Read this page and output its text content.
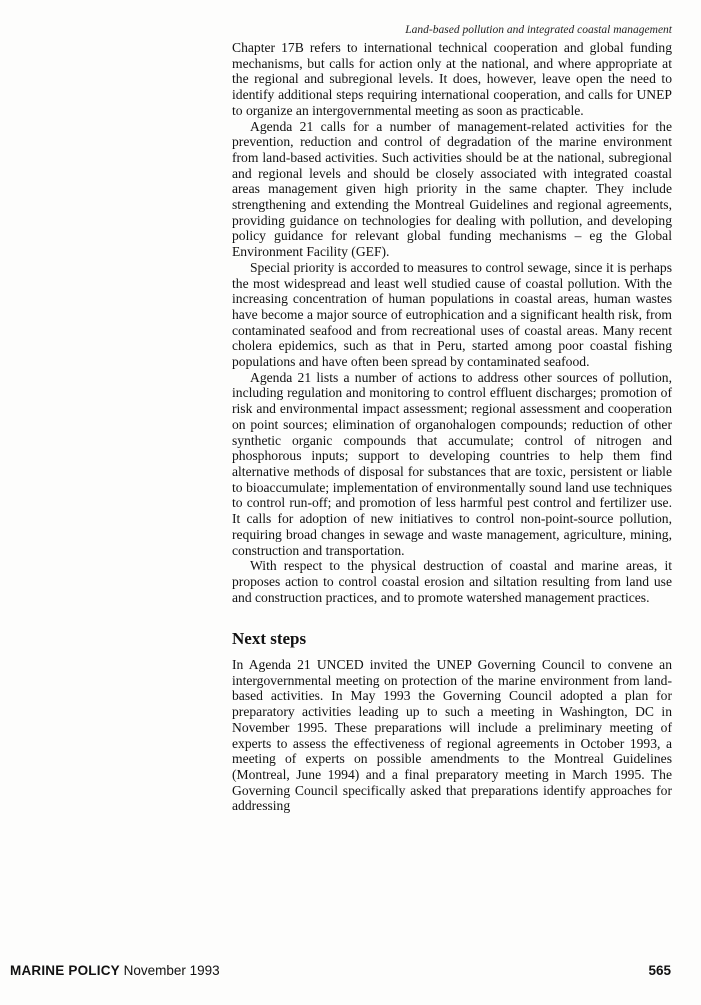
Land-based pollution and integrated coastal management

Chapter 17B refers to international technical cooperation and global funding mechanisms, but calls for action only at the national, and where appropriate at the regional and subregional levels. It does, however, leave open the need to identify additional steps requiring international cooperation, and calls for UNEP to organize an intergovernmental meeting as soon as practicable.

Agenda 21 calls for a number of management-related activities for the prevention, reduction and control of degradation of the marine environment from land-based activities. Such activities should be at the national, subregional and regional levels and should be closely associated with integrated coastal areas management given high priority in the same chapter. They include strengthening and extending the Montreal Guidelines and regional agreements, providing guidance on technologies for dealing with pollution, and developing policy guidance for relevant global funding mechanisms – eg the Global Environment Facility (GEF).

Special priority is accorded to measures to control sewage, since it is perhaps the most widespread and least well studied cause of coastal pollution. With the increasing concentration of human populations in coastal areas, human wastes have become a major source of eutrophication and a significant health risk, from contaminated seafood and from recreational uses of coastal areas. Many recent cholera epidemics, such as that in Peru, started among poor coastal fishing populations and have often been spread by contaminated seafood.

Agenda 21 lists a number of actions to address other sources of pollution, including regulation and monitoring to control effluent discharges; promotion of risk and environmental impact assessment; regional assessment and cooperation on point sources; elimination of organohalogen compounds; reduction of other synthetic organic compounds that accumulate; control of nitrogen and phosphorous inputs; support to developing countries to help them find alternative methods of disposal for substances that are toxic, persistent or liable to bioaccumulate; implementation of environmentally sound land use techniques to control run-off; and promotion of less harmful pest control and fertilizer use. It calls for adoption of new initiatives to control non-point-source pollution, requiring broad changes in sewage and waste management, agriculture, mining, construction and transportation.

With respect to the physical destruction of coastal and marine areas, it proposes action to control coastal erosion and siltation resulting from land use and construction practices, and to promote watershed management practices.

Next steps

In Agenda 21 UNCED invited the UNEP Governing Council to convene an intergovernmental meeting on protection of the marine environment from land-based activities. In May 1993 the Governing Council adopted a plan for preparatory activities leading up to such a meeting in Washington, DC in November 1995. These preparations will include a preliminary meeting of experts to assess the effectiveness of regional agreements in October 1993, a meeting of experts on possible amendments to the Montreal Guidelines (Montreal, June 1994) and a final preparatory meeting in March 1995. The Governing Council specifically asked that preparations identify approaches for addressing

MARINE POLICY November 1993	565
